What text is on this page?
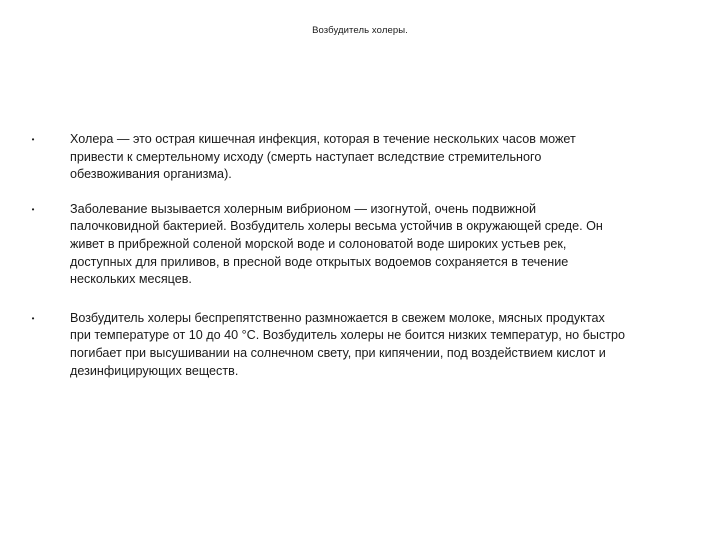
Возбудитель холеры.
•	Холера — это острая кишечная инфекция, которая в течение нескольких часов может
привести к смертельному исходу (смерть наступает вследствие стремительного
обезвоживания организма).
•	Заболевание вызывается холерным вибрионом — изогнутой, очень подвижной
палочковидной бактерией. Возбудитель холеры весьма устойчив в окружающей среде. Он
живет в прибрежной соленой морской воде и солоноватой воде широких устьев рек,
доступных для приливов, в пресной воде открытых водоемов сохраняется в течение
нескольких месяцев.
•	Возбудитель холеры беспрепятственно размножается в свежем молоке, мясных продуктах
при температуре от 10 до 40 °С. Возбудитель холеры не боится низких температур, но быстро
погибает при высушивании на солнечном свету, при кипячении, под воздействием кислот и
дезинфицирующих веществ.
